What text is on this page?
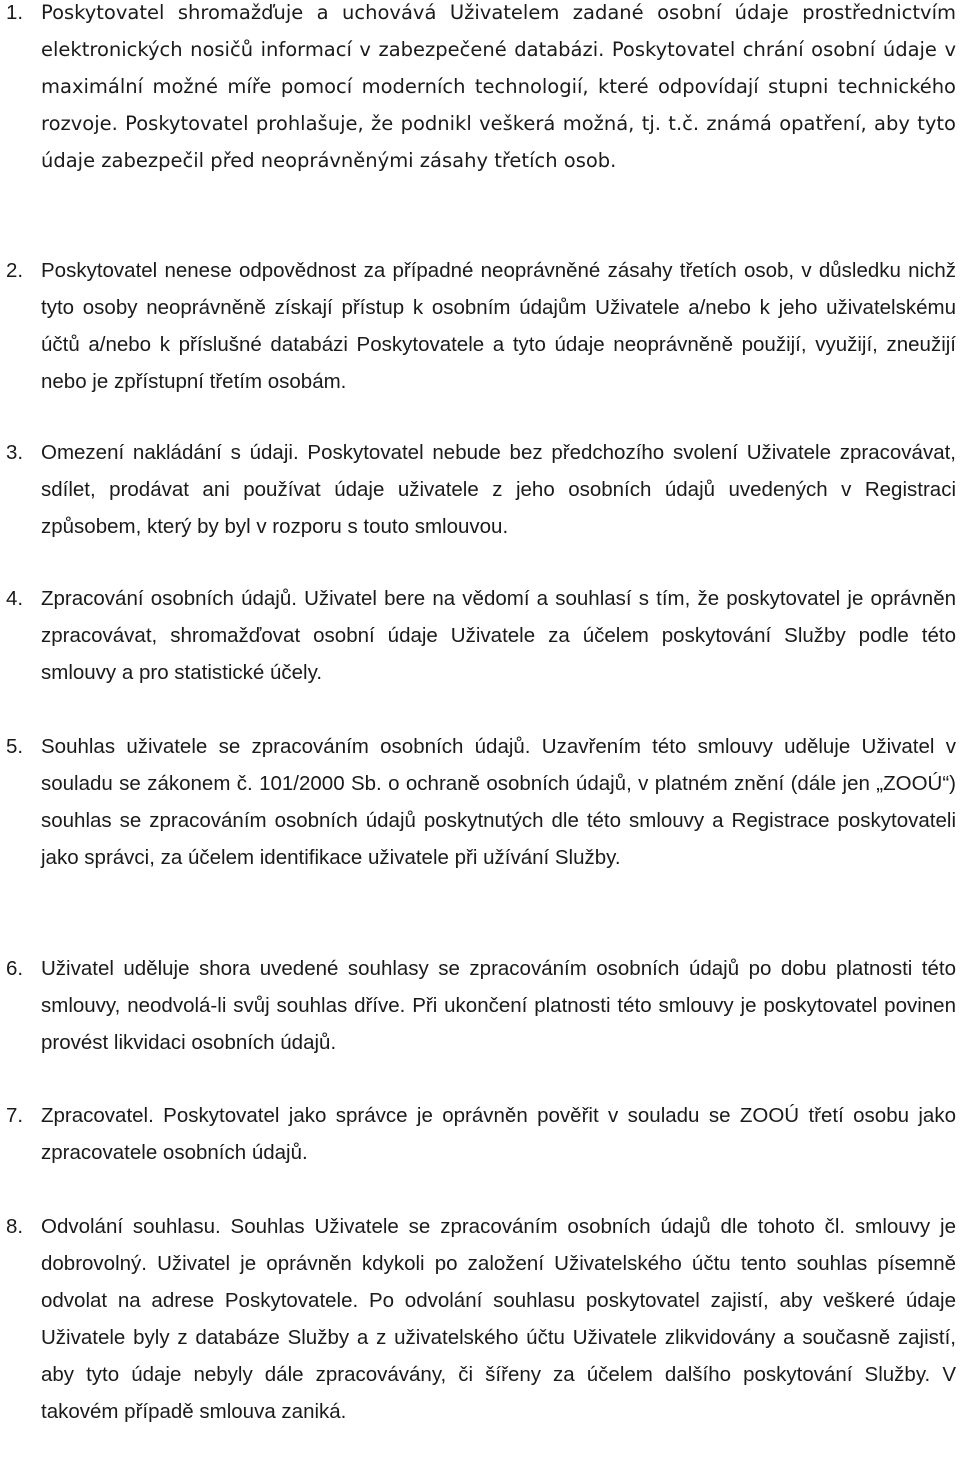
1. Poskytovatel shromažďuje a uchovává Uživatelem zadané osobní údaje prostřednictvím elektronických nosičů informací v zabezpečené databázi. Poskytovatel chrání osobní údaje v maximální možné míře pomocí moderních technologií, které odpovídají stupni technického rozvoje. Poskytovatel prohlašuje, že podnikl veškerá možná, tj. t.č. známá opatření, aby tyto údaje zabezpečil před neoprávněnými zásahy třetích osob.
2. Poskytovatel nenese odpovědnost za případné neoprávněné zásahy třetích osob, v důsledku nichž tyto osoby neoprávněně získají přístup k osobním údajům Uživatele a/nebo k jeho uživatelskému účtů a/nebo k příslušné databázi Poskytovatele a tyto údaje neoprávněně použijí, využijí, zneužijí nebo je zpřístupní třetím osobám.
3. Omezení nakládání s údaji. Poskytovatel nebude bez předchozího svolení Uživatele zpracovávat, sdílet, prodávat ani používat údaje uživatele z jeho osobních údajů uvedených v Registraci způsobem, který by byl v rozporu s touto smlouvou.
4. Zpracování osobních údajů. Uživatel bere na vědomí a souhlasí s tím, že poskytovatel je oprávněn zpracovávat, shromažďovat osobní údaje Uživatele za účelem poskytování Služby podle této smlouvy a pro statistické účely.
5. Souhlas uživatele se zpracováním osobních údajů. Uzavřením této smlouvy uděluje Uživatel v souladu se zákonem č. 101/2000 Sb. o ochraně osobních údajů, v platném znění (dále jen „ZOOÚ“) souhlas se zpracováním osobních údajů poskytnutých dle této smlouvy a Registrace poskytovateli jako správci, za účelem identifikace uživatele při užívání Služby.
6. Uživatel uděluje shora uvedené souhlasy se zpracováním osobních údajů po dobu platnosti této smlouvy, neodvolá-li svůj souhlas dříve. Při ukončení platnosti této smlouvy je poskytovatel povinen provést likvidaci osobních údajů.
7. Zpracovatel. Poskytovatel jako správce je oprávněn pověřit v souladu se ZOOÚ třetí osobu jako zpracovatele osobních údajů.
8. Odvolání souhlasu. Souhlas Uživatele se zpracováním osobních údajů dle tohoto čl. smlouvy je dobrovolný. Uživatel je oprávněn kdykoli po založení Uživatelského účtu tento souhlas písemně odvolat na adrese Poskytovatele. Po odvolání souhlasu poskytovatel zajistí, aby veškeré údaje Uživatele byly z databáze Služby a z uživatelského účtu Uživatele zlikvidovány a současně zajistí, aby tyto údaje nebyly dále zpracovávány, či šířeny za účelem dalšího poskytování Služby. V takovém případě smlouva zaniká.
